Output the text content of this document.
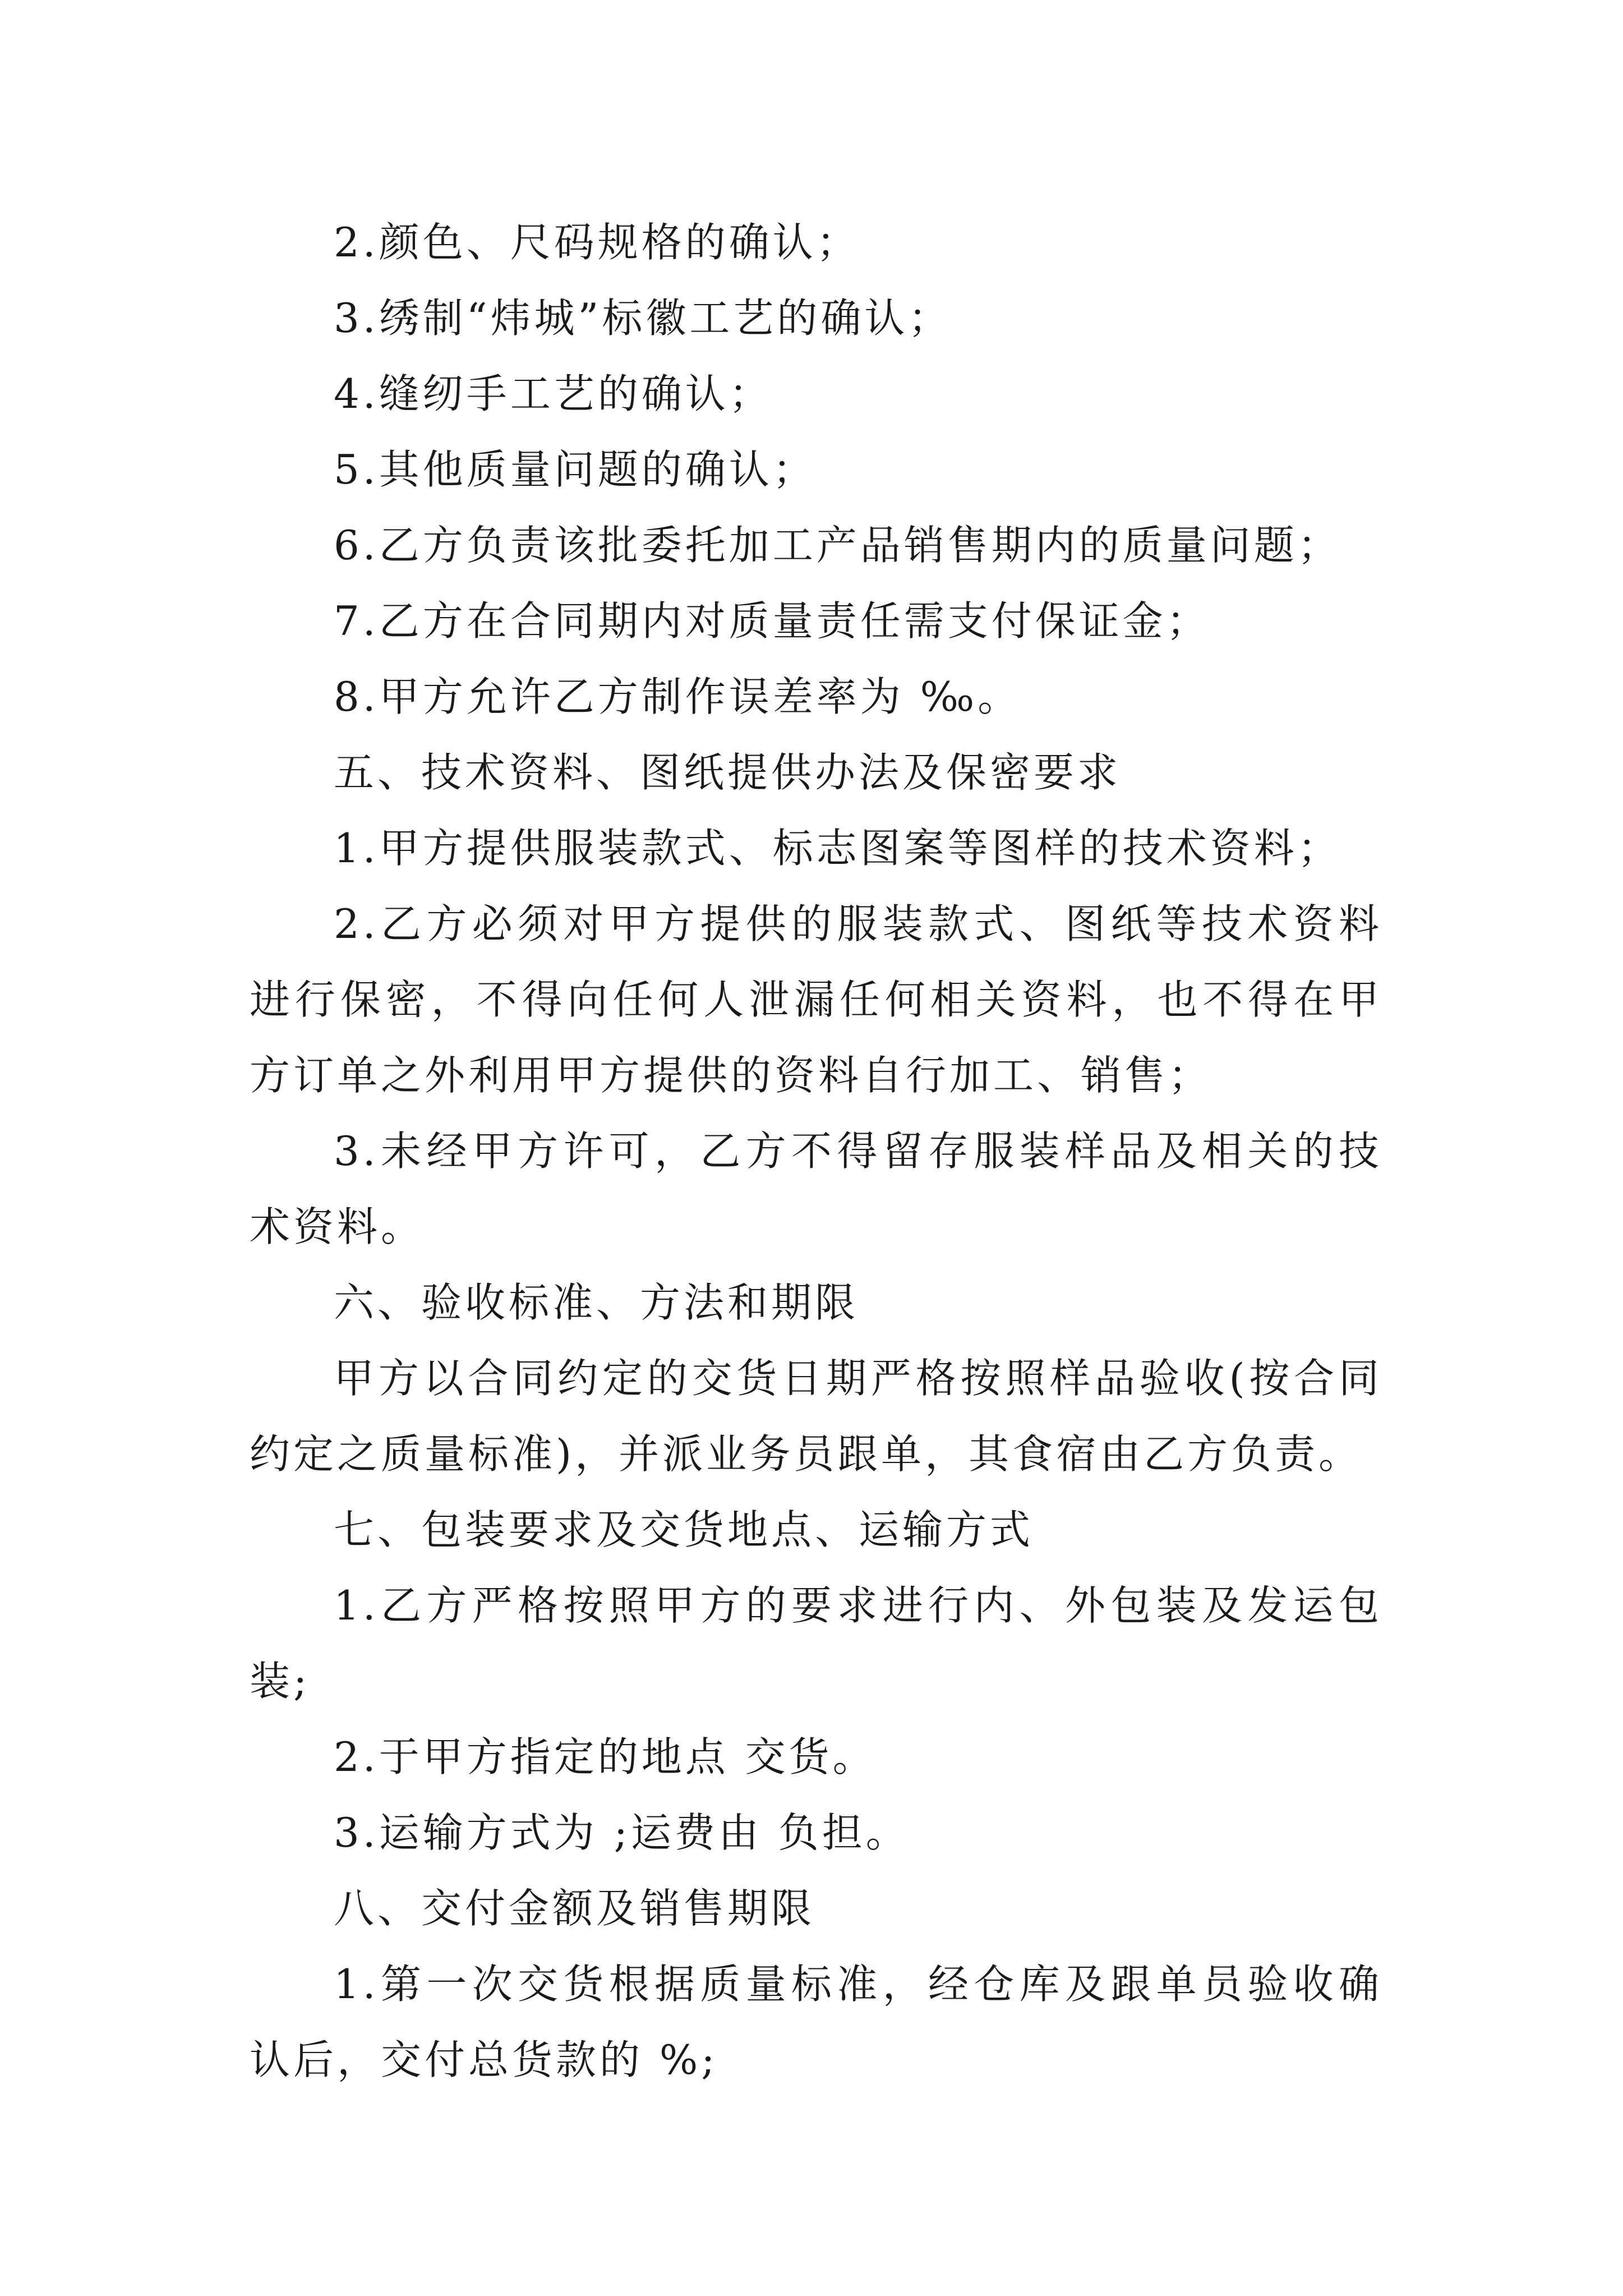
2.颜色、尺码规格的确认；

3.绣制“炜城”标徽工艺的确认；

4.缝纫手工艺的确认；

5.其他质量问题的确认；

6.乙方负责该批委托加工产品销售期内的质量问题；

7.乙方在合同期内对质量责任需支付保证金；

8.甲方允许乙方制作误差率为 ‰。

五、技术资料、图纸提供办法及保密要求

1.甲方提供服装款式、标志图案等图样的技术资料；

2.乙方必须对甲方提供的服装款式、图纸等技术资料进行保密，不得向任何人泄漏任何相关资料，也不得在甲方订单之外利用甲方提供的资料自行加工、销售；

3.未经甲方许可，乙方不得留存服装样品及相关的技术资料。

六、验收标准、方法和期限

甲方以合同约定的交货日期严格按照样品验收(按合同约定之质量标准)，并派业务员跟单，其食宿由乙方负责。

七、包装要求及交货地点、运输方式

1.乙方严格按照甲方的要求进行内、外包装及发运包装;

2.于甲方指定的地点 交货。

3.运输方式为 ;运费由 负担。

八、交付金额及销售期限

1.第一次交货根据质量标准，经仓库及跟单员验收确认后，交付总货款的 %;
